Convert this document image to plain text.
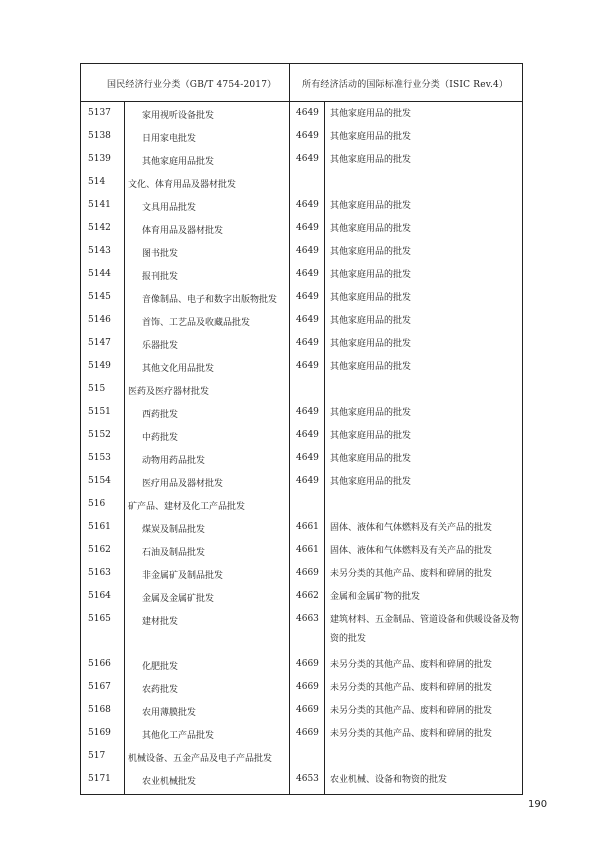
国民经济行业分类（GB/T 4754-2017）	所有经济活动的国际标准行业分类（ISIC Rev.4）
5137	家用视听设备批发	4649 其他家庭用品的批发
5138	日用家电批发	4649 其他家庭用品的批发
5139	其他家庭用品批发	4649 其他家庭用品的批发
514	文化、体育用品及器材批发
5141	文具用品批发	4649 其他家庭用品的批发
5142	体育用品及器材批发	4649 其他家庭用品的批发
5143	图书批发	4649 其他家庭用品的批发
5144	报刊批发	4649 其他家庭用品的批发
5145	音像制品、电子和数字出版物批发 4649 其他家庭用品的批发
5146	首饰、工艺品及收藏品批发	4649 其他家庭用品的批发
5147	乐器批发	4649 其他家庭用品的批发
5149	其他文化用品批发	4649 其他家庭用品的批发
515	医药及医疗器材批发
5151	西药批发	4649 其他家庭用品的批发
5152	中药批发	4649 其他家庭用品的批发
5153	动物用药品批发	4649 其他家庭用品的批发
5154	医疗用品及器材批发	4649 其他家庭用品的批发
516	矿产品、建材及化工产品批发
5161	煤炭及制品批发	4661 固体、液体和气体燃料及有关产品的批发
5162	石油及制品批发	4661 固体、液体和气体燃料及有关产品的批发
5163	非金属矿及制品批发	4669 未另分类的其他产品、废料和碎屑的批发
5164	金属及金属矿批发	4662 金属和金属矿物的批发
5165	建材批发	4663 建筑材料、五金制品、管道设备和供暖设备及物资的批发
5166	化肥批发	4669 未另分类的其他产品、废料和碎屑的批发
5167	农药批发	4669 未另分类的其他产品、废料和碎屑的批发
5168	农用薄膜批发	4669 未另分类的其他产品、废料和碎屑的批发
5169	其他化工产品批发	4669 未另分类的其他产品、废料和碎屑的批发
517	机械设备、五金产品及电子产品批发
5171	农业机械批发	4653 农业机械、设备和物资的批发
190
